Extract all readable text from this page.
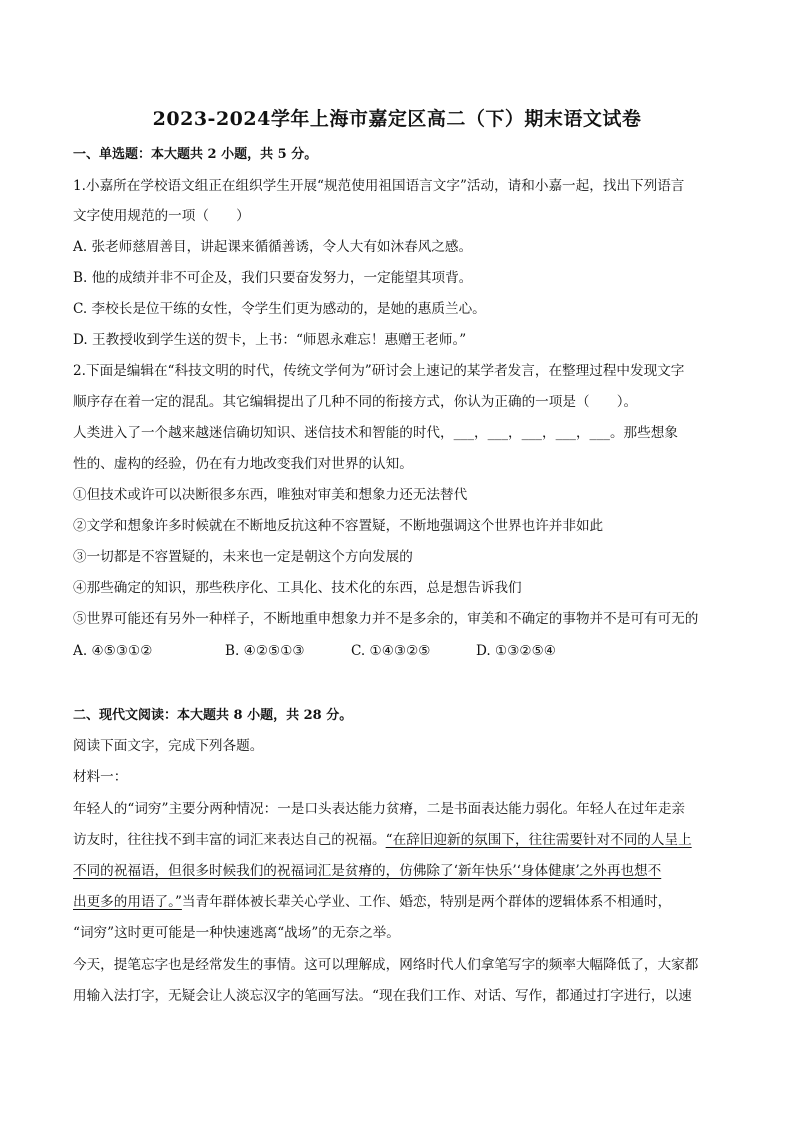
2023-2024学年上海市嘉定区高二（下）期末语文试卷
一、单选题：本大题共 2 小题，共 5 分。
1.小嘉所在学校语文组正在组织学生开展“规范使用祖国语言文字”活动，请和小嘉一起，找出下列语言
文字使用规范的一项（　　）
A. 张老师慈眉善目，讲起课来循循善诱，令人大有如沐春风之感。
B. 他的成绩并非不可企及，我们只要奋发努力，一定能望其项背。
C. 李校长是位干练的女性，令学生们更为感动的，是她的惠质兰心。
D. 王教授收到学生送的贺卡，上书：“师恩永难忘！惠赠王老师。”
2.下面是编辑在“科技文明的时代，传统文学何为”研讨会上速记的某学者发言，在整理过程中发现文字
顺序存在着一定的混乱。其它编辑提出了几种不同的衔接方式，你认为正确的一项是（　　）。
人类进入了一个越来越迷信确切知识、迷信技术和智能的时代，___，___，___，___，___。那些想象
性的、虚构的经验，仍在有力地改变我们对世界的认知。
①但技术或许可以决断很多东西，唯独对审美和想象力还无法替代
②文学和想象许多时候就在不断地反抗这种不容置疑，不断地强调这个世界也许并非如此
③一切都是不容置疑的，未来也一定是朝这个方向发展的
④那些确定的知识，那些秩序化、工具化、技术化的东西，总是想告诉我们
⑤世界可能还有另外一种样子，不断地重申想象力并不是多余的，审美和不确定的事物并不是可有可无的
A. ④⑤③①②	B. ④②⑤①③	C. ①④③②⑤	D. ①③②⑤④
二、现代文阅读：本大题共 8 小题，共 28 分。
阅读下面文字，完成下列各题。
材料一：
年轻人的“词穷”主要分两种情况：一是口头表达能力贫瘠，二是书面表达能力弱化。年轻人在过年走亲
访友时，往往找不到丰富的词汇来表达自己的祝福。“在辞旧迎新的氛围下，往往需要针对不同的人呈上
不同的祝福语，但很多时候我们的祝福词汇是贫瘠的，仿佛除了‘新年快乐’‘身体健康’之外再也想不
出更多的用语了。”当青年群体被长辈关心学业、工作、婚恋，特别是两个群体的逻辑体系不相通时，
“词穷”这时更可能是一种快速逃离“战场”的无奈之举。
今天，提笔忘字也是经常发生的事情。这可以理解成，网络时代人们拿笔写字的频率大幅降低了，大家都
用输入法打字，无疑会让人淡忘汉字的笔画写法。“现在我们工作、对话、写作，都通过打字进行，以速
